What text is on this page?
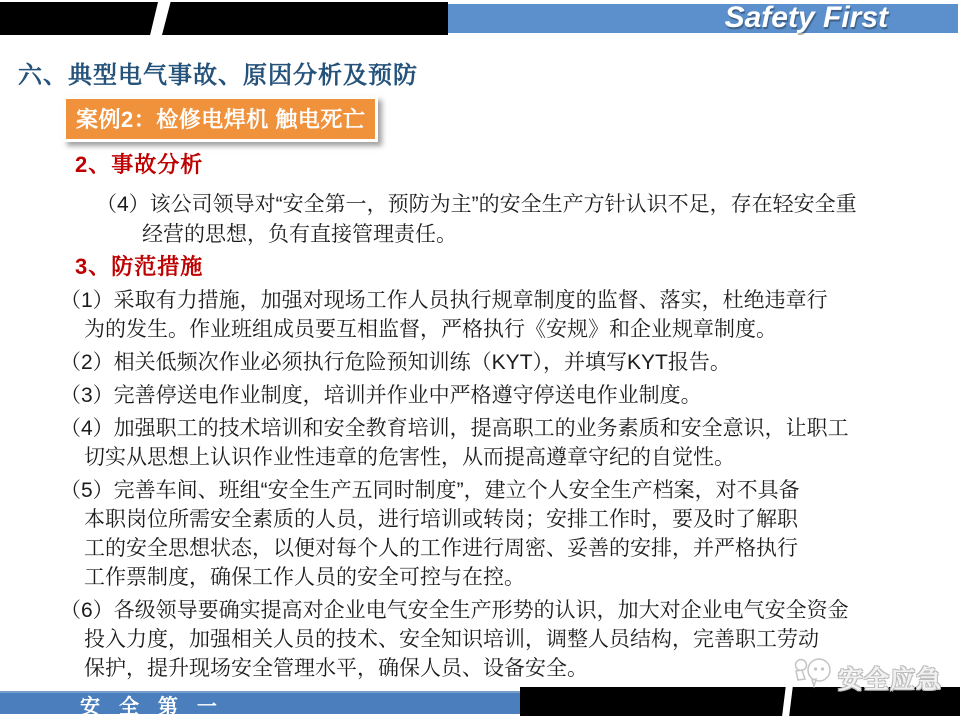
Safety First
六、典型电气事故、原因分析及预防
案例2：检修电焊机 触电死亡
2、事故分析
（4）该公司领导对“安全第一，预防为主”的安全生产方针认识不足，存在轻安全重
经营的思想，负有直接管理责任。
3、防范措施
（1）采取有力措施，加强对现场工作人员执行规章制度的监督、落实，杜绝违章行
为的发生。作业班组成员要互相监督，严格执行《安规》和企业规章制度。
（2）相关低频次作业必须执行危险预知训练（KYT），并填写KYT报告。
（3）完善停送电作业制度，培训并作业中严格遵守停送电作业制度。
（4）加强职工的技术培训和安全教育培训，提高职工的业务素质和安全意识，让职工
切实从思想上认识作业性违章的危害性，从而提高遵章守纪的自觉性。
（5）完善车间、班组“安全生产五同时制度”，建立个人安全生产档案，对不具备
本职岗位所需安全素质的人员，进行培训或转岗；安排工作时，要及时了解职
工的安全思想状态，以便对每个人的工作进行周密、妥善的安排，并严格执行
工作票制度，确保工作人员的安全可控与在控。
（6）各级领导要确实提高对企业电气安全生产形势的认识，加大对企业电气安全资金
投入力度，加强相关人员的技术、安全知识培训，调整人员结构，完善职工劳动
保护，提升现场安全管理水平，确保人员、设备安全。
安 全 第 一
安全应急
